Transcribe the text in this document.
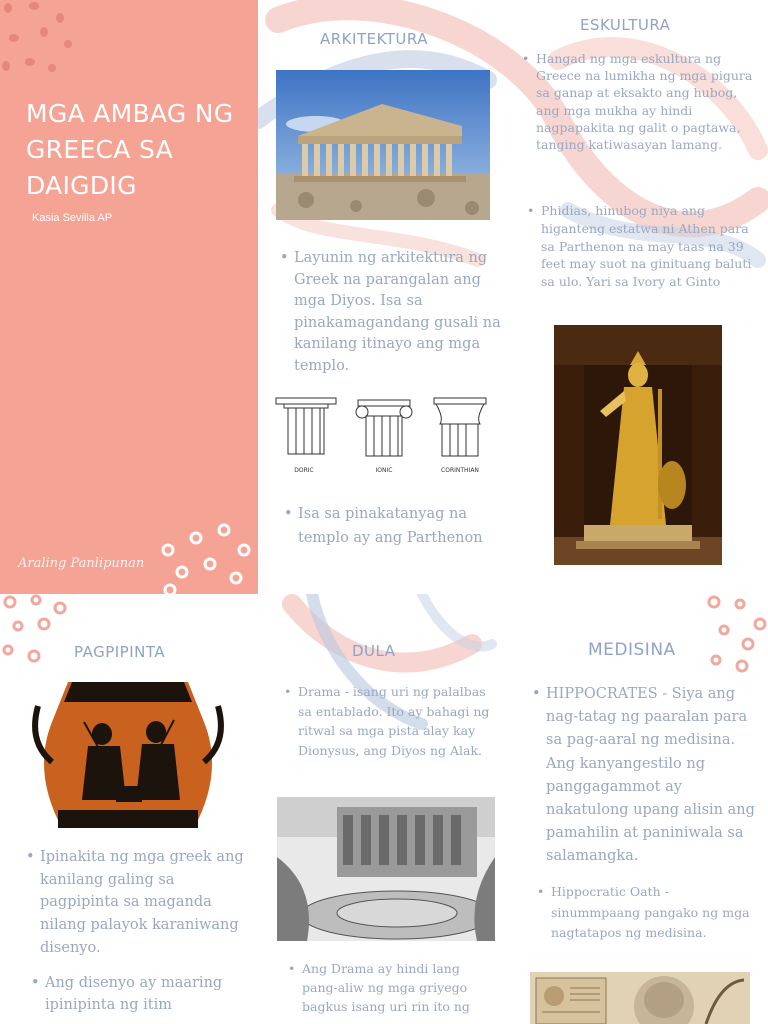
MGA AMBAG NG GREECA SA DAIGDIG
Kasia Sevilla AP
Araling Panlipunan
ARKITEKTURA
• Layunin ng arkitektura ng Greek na parangalan ang mga Diyos. Isa sa pinakamagandang gusali na kanilang itinayo ang mga templo.
DORIC	IONIC	CORINTHIAN
• Isa sa pinakatanyag na templo ay ang Parthenon
ESKULTURA
• Hangad ng mga eskultura ng Greece na lumikha ng mga pigura sa ganap at eksakto ang hubog, ang mga mukha ay hindi nagpapakita ng galit o pagtawa, tanging katiwasayan lamang.
• Phidias, hinubog niya ang higanteng estatwa ni Athen para sa Parthenon na may taas na 39 feet may suot na ginituang baluti sa ulo. Yari sa Ivory at Ginto
PAGPIPINTA
• Ipinakita ng mga greek ang kanilang galing sa pagpipinta sa maganda nilang palayok karaniwang disenyo.
• Ang disenyo ay maaring ipinipinta ng itim
DULA
• Drama - isang uri ng palalbas sa entablado. Ito ay bahagi ng ritwal sa mga pista alay kay Dionysus, ang Diyos ng Alak.
• Ang Drama ay hindi lang pang-aliw ng mga griyego bagkus isang uri rin ito ng
MEDISINA
• HIPPOCRATES - Siya ang nag-tatag ng paaralan para sa pag-aaral ng medisina. Ang kanyangestilo ng panggagammot ay nakatulong upang alisin ang pamahilin at paniniwala sa salamangka.
• Hippocratic Oath - sinummpaang pangako ng mga nagtatapos ng medisina.
